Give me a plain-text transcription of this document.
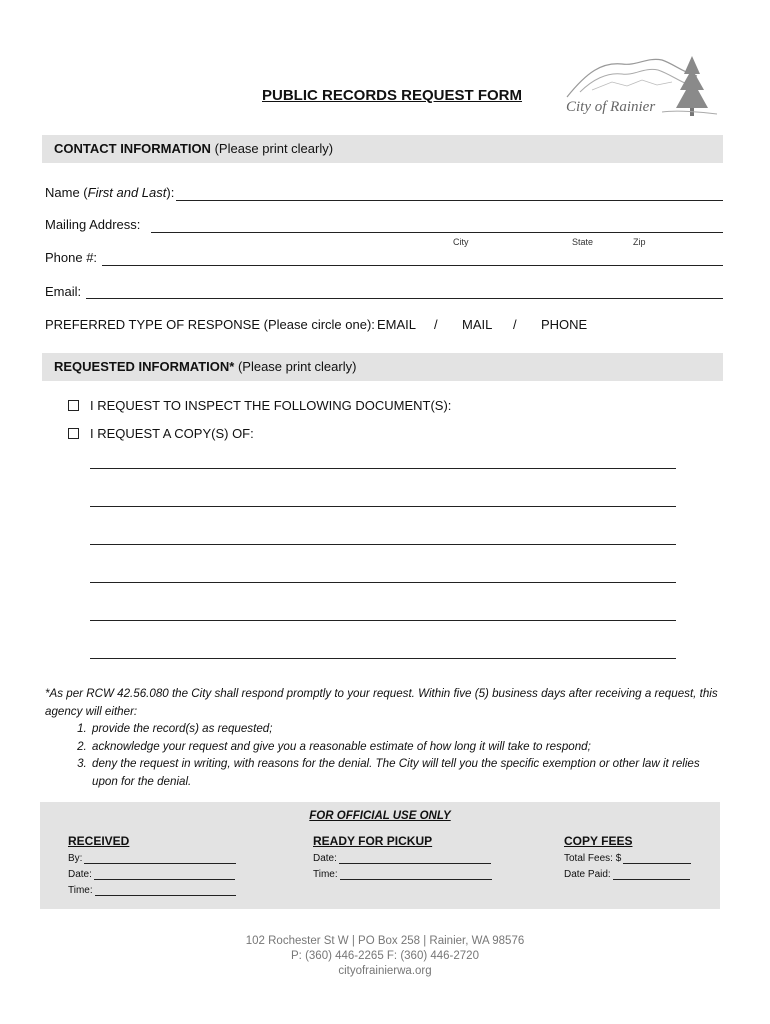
PUBLIC RECORDS REQUEST FORM
City of Rainier
CONTACT INFORMATION (Please print clearly)
Name (First and Last):
Mailing Address:
City	State	Zip
Phone #:
Email:
PREFERRED TYPE OF RESPONSE (Please circle one): EMAIL / MAIL / PHONE
REQUESTED INFORMATION* (Please print clearly)
I REQUEST TO INSPECT THE FOLLOWING DOCUMENT(S):
I REQUEST A COPY(S) OF:
*As per RCW 42.56.080 the City shall respond promptly to your request. Within five (5) business days after receiving a request, this agency will either:
1. provide the record(s) as requested;
2. acknowledge your request and give you a reasonable estimate of how long it will take to respond;
3. deny the request in writing, with reasons for the denial. The City will tell you the specific exemption or other law it relies upon for the denial.
FOR OFFICIAL USE ONLY
RECEIVED
By:
Date:
Time:
READY FOR PICKUP
Date:
Time:
COPY FEES
Total Fees: $
Date Paid:
102 Rochester St W | PO Box 258 | Rainier, WA 98576
P: (360) 446-2265 F: (360) 446-2720
cityofrainierwa.org
